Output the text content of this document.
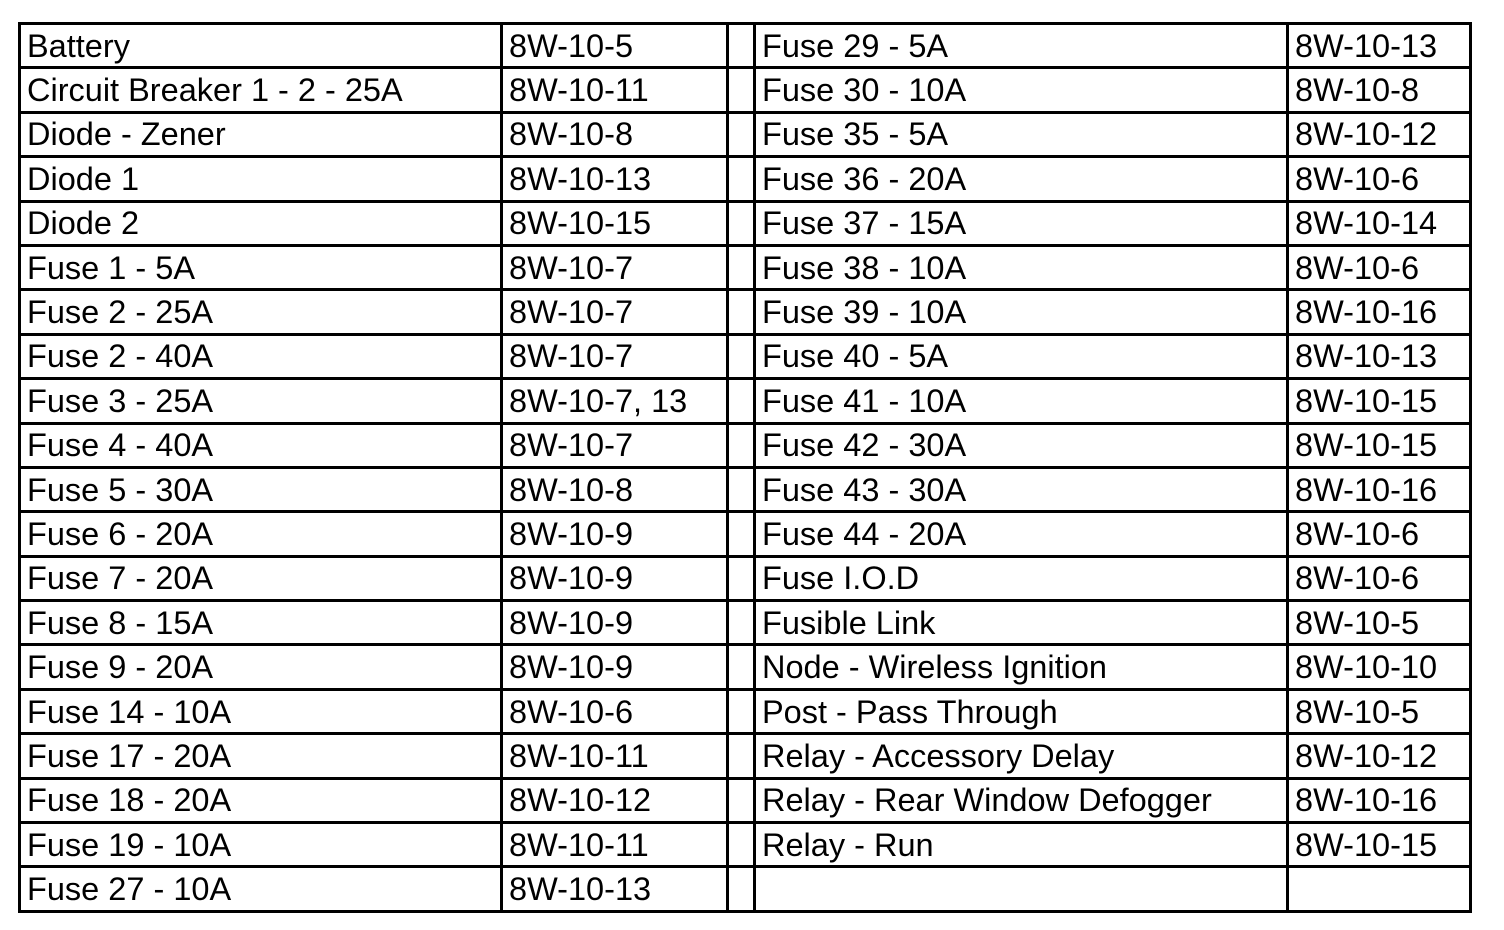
Battery	8W-10-5		Fuse 29 - 5A	8W-10-13
Circuit Breaker 1 - 2 - 25A	8W-10-11		Fuse 30 - 10A	8W-10-8
Diode - Zener	8W-10-8		Fuse 35 - 5A	8W-10-12
Diode 1	8W-10-13		Fuse 36 - 20A	8W-10-6
Diode 2	8W-10-15		Fuse 37 - 15A	8W-10-14
Fuse 1 - 5A	8W-10-7		Fuse 38 - 10A	8W-10-6
Fuse 2 - 25A	8W-10-7		Fuse 39 - 10A	8W-10-16
Fuse 2 - 40A	8W-10-7		Fuse 40 - 5A	8W-10-13
Fuse 3 - 25A	8W-10-7, 13		Fuse 41 - 10A	8W-10-15
Fuse 4 - 40A	8W-10-7		Fuse 42 - 30A	8W-10-15
Fuse 5 - 30A	8W-10-8		Fuse 43 - 30A	8W-10-16
Fuse 6 - 20A	8W-10-9		Fuse 44 - 20A	8W-10-6
Fuse 7 - 20A	8W-10-9		Fuse I.O.D	8W-10-6
Fuse 8 - 15A	8W-10-9		Fusible Link	8W-10-5
Fuse 9 - 20A	8W-10-9		Node - Wireless Ignition	8W-10-10
Fuse 14 - 10A	8W-10-6		Post - Pass Through	8W-10-5
Fuse 17 - 20A	8W-10-11		Relay - Accessory Delay	8W-10-12
Fuse 18 - 20A	8W-10-12		Relay - Rear Window Defogger	8W-10-16
Fuse 19 - 10A	8W-10-11		Relay - Run	8W-10-15
Fuse 27 - 10A	8W-10-13			
